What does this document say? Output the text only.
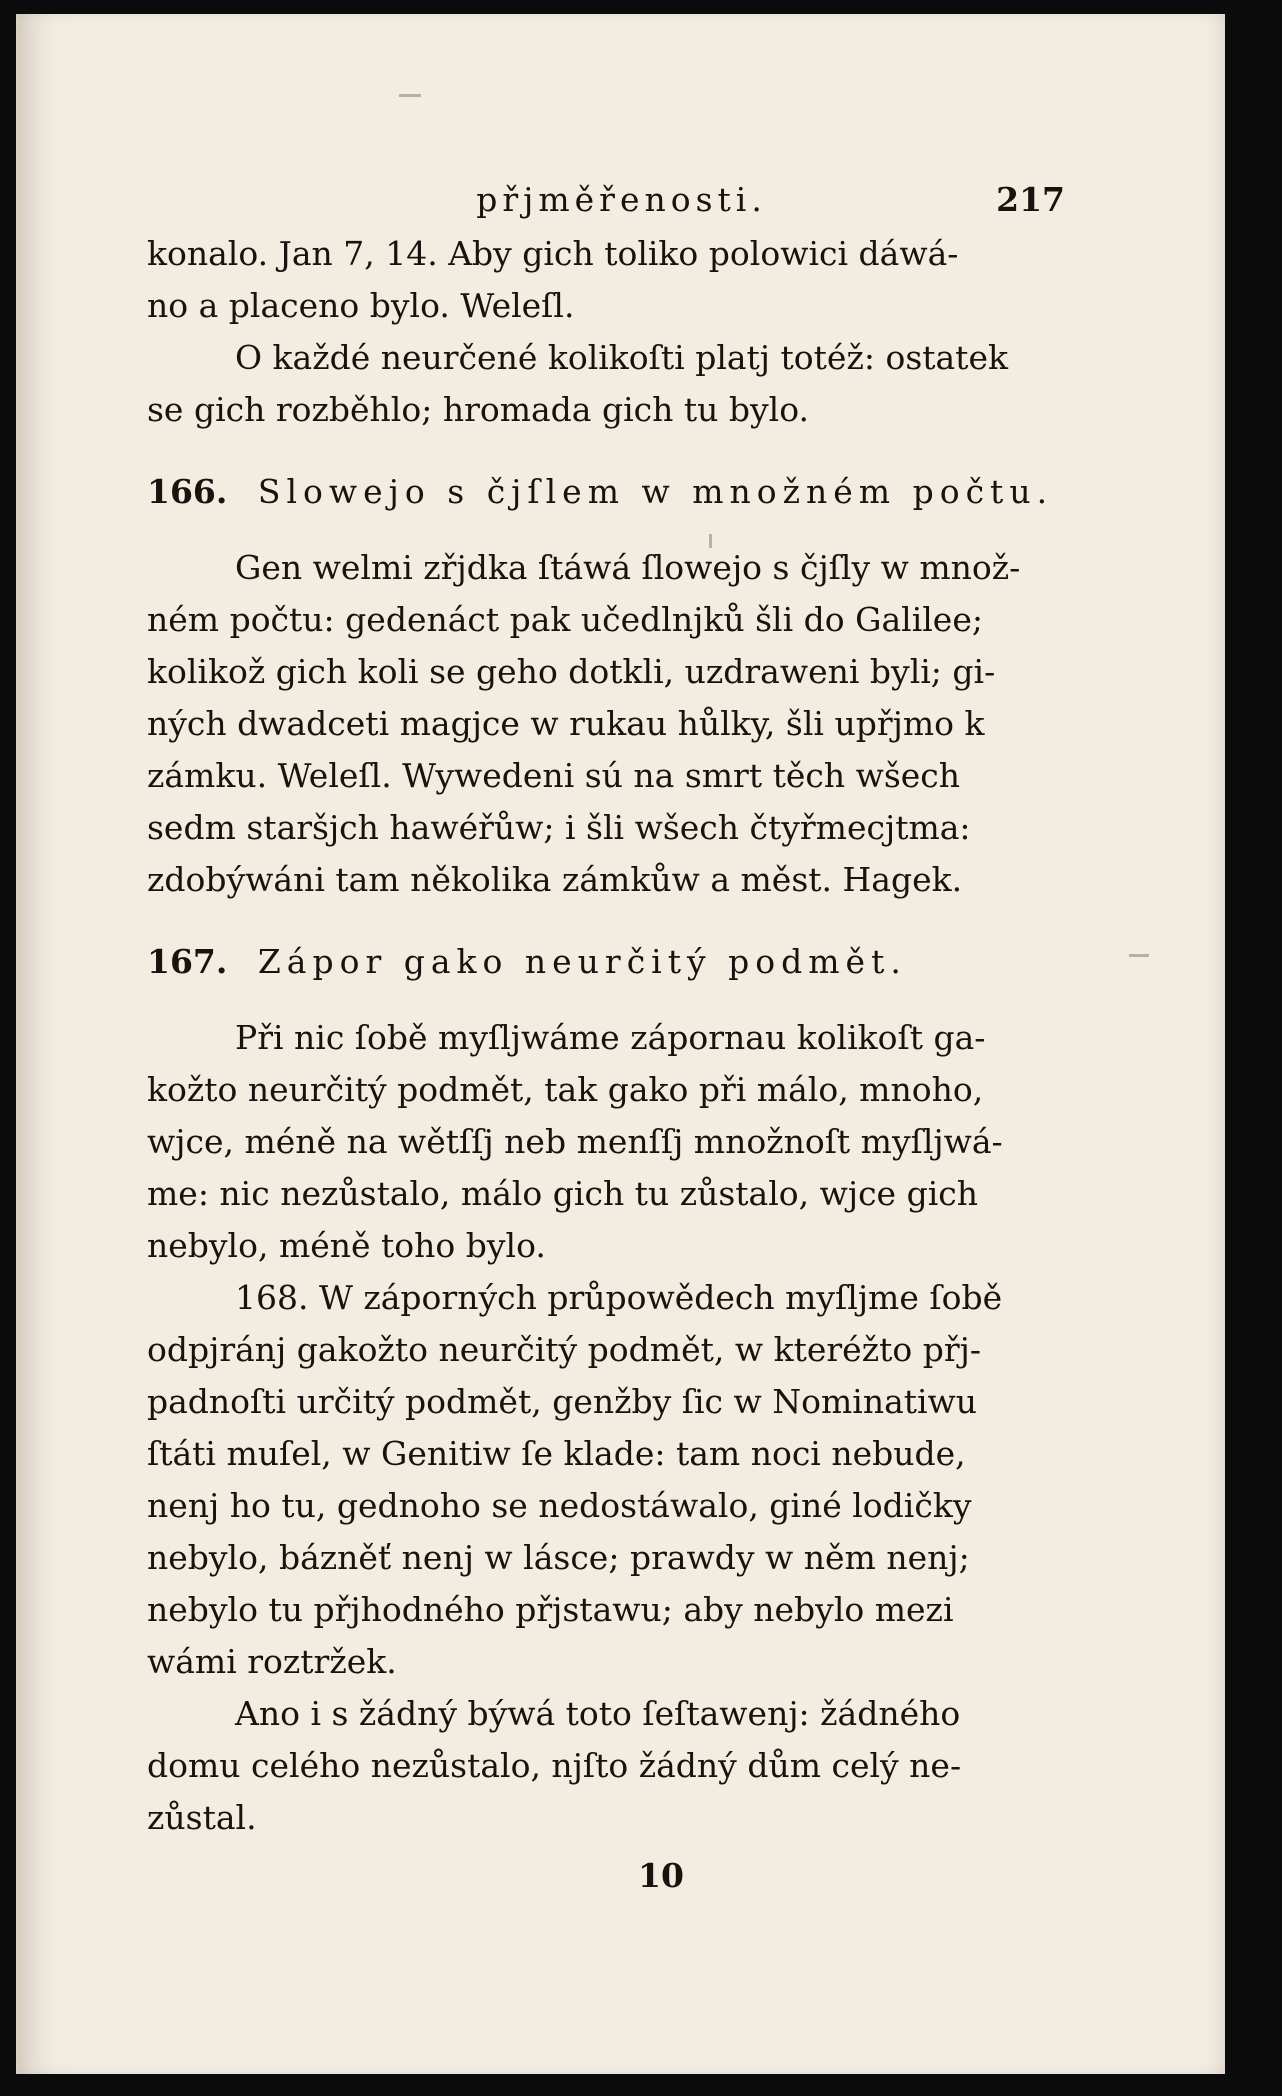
přjměřenosti.	217

konalo. Jan 7, 14. Aby gich toliko polowici dáwá-
no a placeno bylo. Weleſl.

O každé neurčené kolikoſti platj totéž: ostatek
se gich rozběhlo; hromada gich tu bylo.

166. Slowejo s čjſlem w množném počtu.

Gen welmi zřjdka ſtáwá ſlowejo s čjſly w množ-
ném počtu: gedenáct pak učedlnjků šli do Galilee;
kolikož gich koli se geho dotkli, uzdraweni byli; gi-
ných dwadceti magjce w rukau hůlky, šli upřjmo k
zámku. Weleſl. Wywedeni sú na smrt těch wšech
sedm staršjch hawéřůw; i šli wšech čtyřmecjtma:
zdobýwáni tam několika zámkůw a měst. Hagek.

167. Zápor gako neurčitý podmět.

Při nic ſobě myſljwáme zápornau kolikoſt ga-
kožto neurčitý podmět, tak gako při málo, mnoho,
wjce, méně na wětſſj neb menſſj množnoſt myſljwá-
me: nic nezůstalo, málo gich tu zůstalo, wjce gich
nebylo, méně toho bylo.

168. W záporných průpowědech myſljme ſobě
odpjránj gakožto neurčitý podmět, w kteréžto přj-
padnoſti určitý podmět, genžby ſic w Nominatiwu
ſtáti muſel, w Genitiw ſe klade: tam noci nebude,
nenj ho tu, gednoho se nedostáwalo, giné lodičky
nebylo, bázněť nenj w lásce; prawdy w něm nenj;
nebylo tu přjhodného přjstawu; aby nebylo mezi
wámi roztržek.

Ano i s žádný býwá toto ſeſtawenj: žádného
domu celého nezůstalo, njſto žádný dům celý ne-
zůstal.

10
